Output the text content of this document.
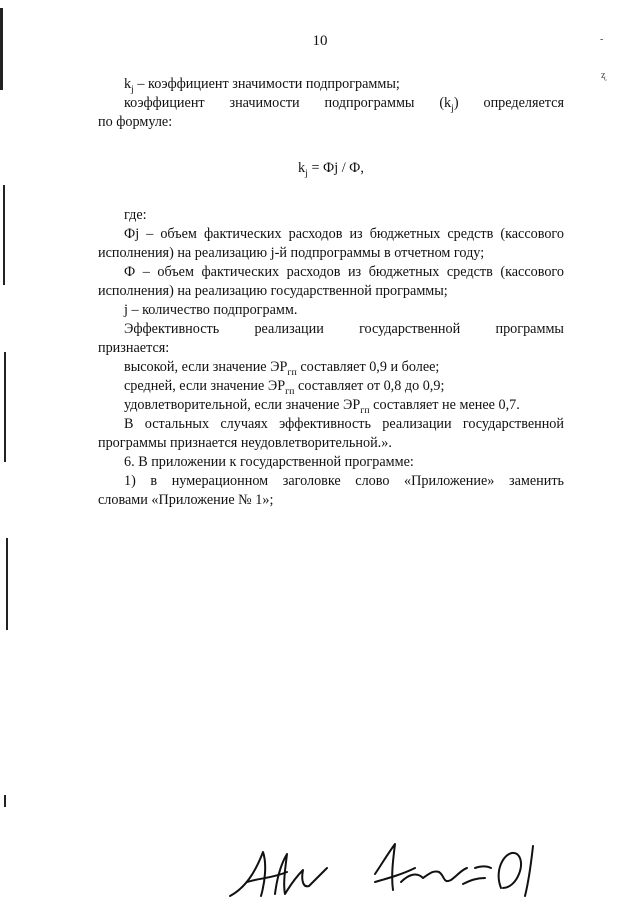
10	-
ʐ

$k_j$ – коэффициент значимости подпрограммы;

коэффициент значимости подпрограммы $(k_j)$ определяется

по формуле:

$k_j$ = Фj / Ф,

где:

Фj – объем фактических расходов из бюджетных средств (кассового

исполнения) на реализацию j-й подпрограммы в отчетном году;

Ф – объем фактических расходов из бюджетных средств (кассового

исполнения) на реализацию государственной программы;

j – количество подпрограмм.

Эффективность реализации государственной программы

признается:

высокой, если значение $ЭР_{гп}$ составляет 0,9 и более;

средней, если значение $ЭР_{гп}$ составляет от 0,8 до 0,9;

удовлетворительной, если значение $ЭР_{гп}$ составляет не менее 0,7.

В остальных случаях эффективность реализации государственной

программы признается неудовлетворительной.».

6. В приложении к государственной программе:

1) в нумерационном заголовке слово «Приложение» заменить

словами «Приложение № 1»;
